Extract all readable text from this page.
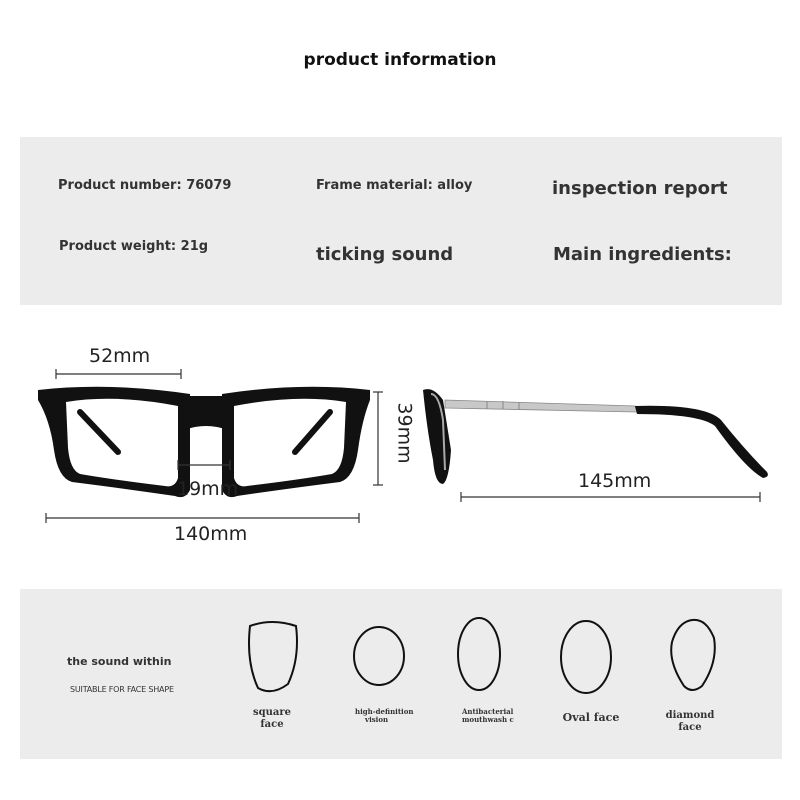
product information
Product number: 76079	Frame material: alloy	inspection report
Product weight: 21g	ticking sound	Main ingredients:
52mm
19mm
140mm
39mm
145mm
the sound within
SUITABLE FOR FACE SHAPE
square
face
high-definition
vision
Antibacterial
mouthwash c	Oval face	diamond
face
